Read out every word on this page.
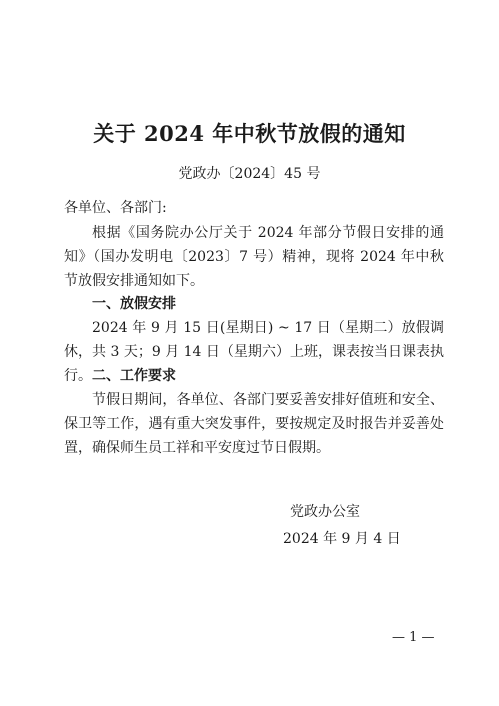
关于 2024 年中秋节放假的通知
党政办〔2024〕45 号
各单位、各部门:
根据《国务院办公厅关于 2024 年部分节假日安排的通知》（国办发明电〔2023〕7 号）精神，现将 2024 年中秋节放假安排通知如下。
一、放假安排
2024 年 9 月 15 日(星期日) ~ 17 日（星期二）放假调休，共 3 天；9 月 14 日（星期六）上班，课表按当日课表执行。 二、工作要求
节假日期间，各单位、各部门要妥善安排好值班和安全、保卫等工作，遇有重大突发事件，要按规定及时报告并妥善处置，确保师生员工祥和平安度过节日假期。
党政办公室
2024 年 9 月 4 日
— 1 —
